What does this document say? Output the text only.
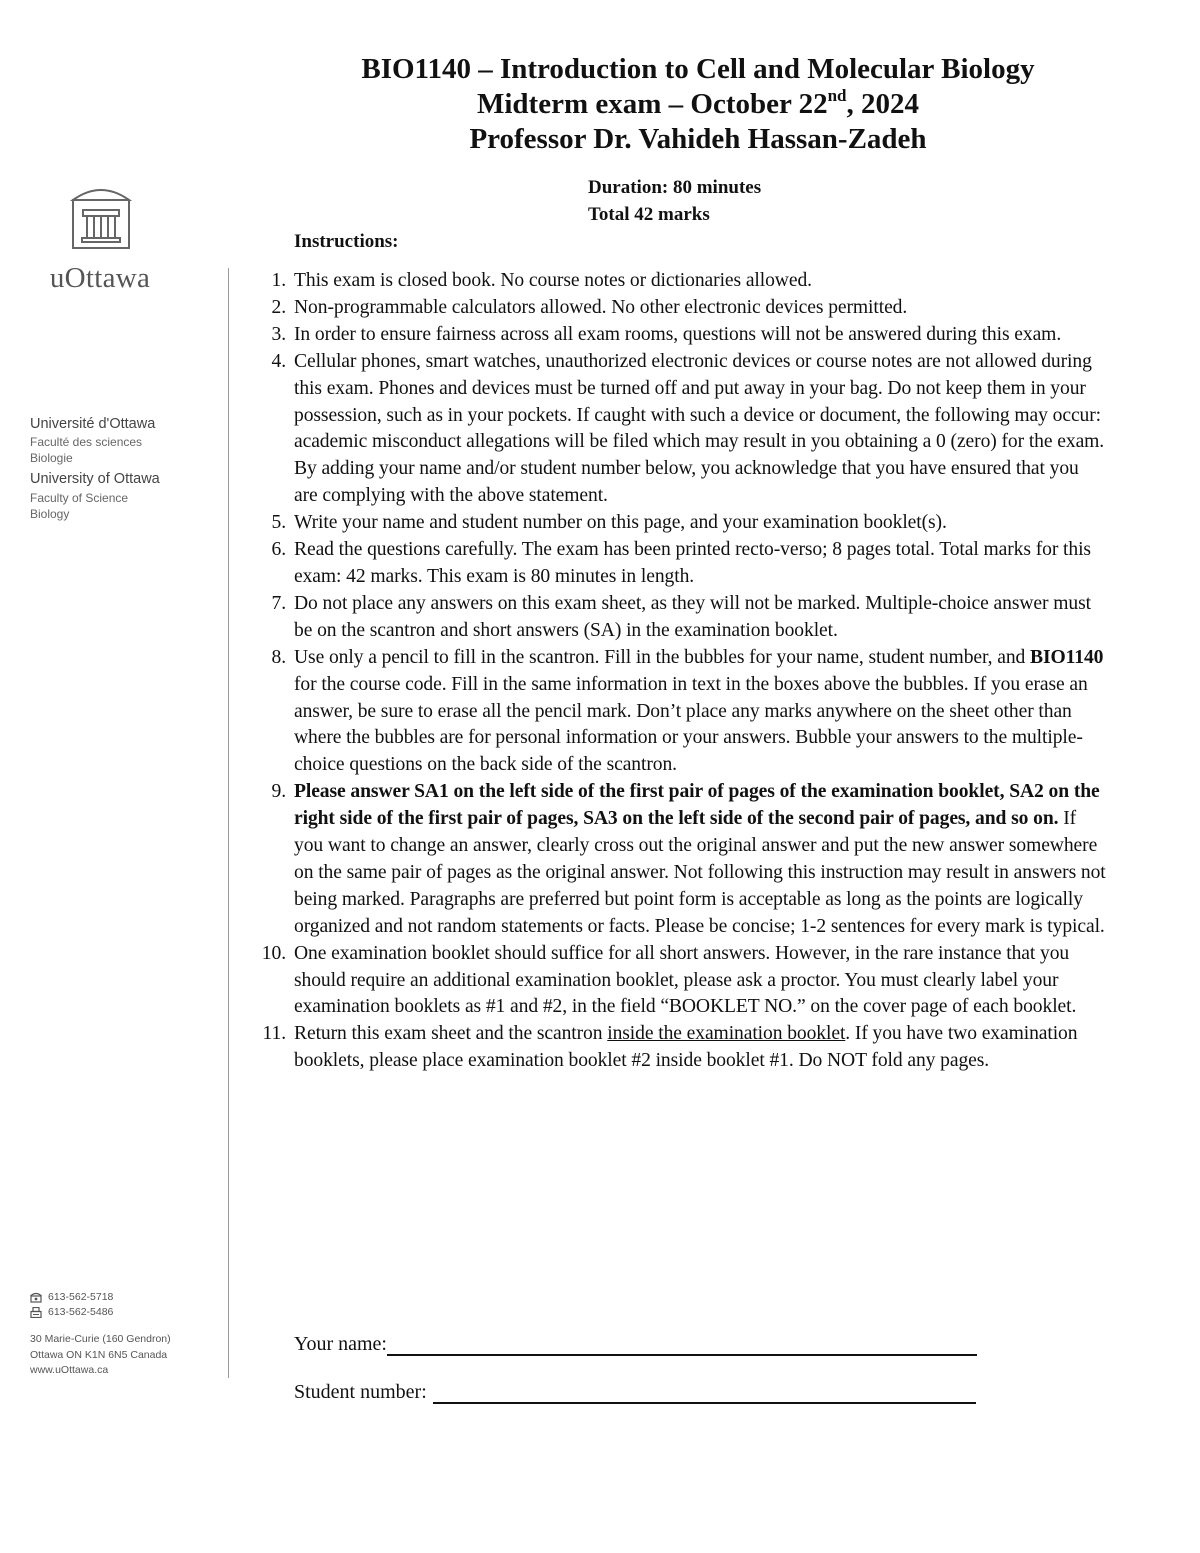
uOttawa
Université d'Ottawa
Faculté des sciences
Biologie
University of Ottawa
Faculty of Science
Biology
613-562-5718
613-562-5486
30 Marie-Curie (160 Gendron)
Ottawa ON K1N 6N5 Canada
www.uOttawa.ca
BIO1140 – Introduction to Cell and Molecular Biology
Midterm exam – October 22nd, 2024
Professor Dr. Vahideh Hassan-Zadeh
Duration: 80 minutes
Total 42 marks
Instructions:
1. This exam is closed book. No course notes or dictionaries allowed.
2. Non-programmable calculators allowed. No other electronic devices permitted.
3. In order to ensure fairness across all exam rooms, questions will not be answered during this exam.
4. Cellular phones, smart watches, unauthorized electronic devices or course notes are not allowed during this exam. Phones and devices must be turned off and put away in your bag. Do not keep them in your possession, such as in your pockets. If caught with such a device or document, the following may occur: academic misconduct allegations will be filed which may result in you obtaining a 0 (zero) for the exam. By adding your name and/or student number below, you acknowledge that you have ensured that you are complying with the above statement.
5. Write your name and student number on this page, and your examination booklet(s).
6. Read the questions carefully. The exam has been printed recto-verso; 8 pages total. Total marks for this exam: 42 marks. This exam is 80 minutes in length.
7. Do not place any answers on this exam sheet, as they will not be marked. Multiple-choice answer must be on the scantron and short answers (SA) in the examination booklet.
8. Use only a pencil to fill in the scantron. Fill in the bubbles for your name, student number, and BIO1140 for the course code. Fill in the same information in text in the boxes above the bubbles. If you erase an answer, be sure to erase all the pencil mark. Don’t place any marks anywhere on the sheet other than where the bubbles are for personal information or your answers. Bubble your answers to the multiple-choice questions on the back side of the scantron.
9. Please answer SA1 on the left side of the first pair of pages of the examination booklet, SA2 on the right side of the first pair of pages, SA3 on the left side of the second pair of pages, and so on. If you want to change an answer, clearly cross out the original answer and put the new answer somewhere on the same pair of pages as the original answer. Not following this instruction may result in answers not being marked. Paragraphs are preferred but point form is acceptable as long as the points are logically organized and not random statements or facts. Please be concise; 1-2 sentences for every mark is typical.
10. One examination booklet should suffice for all short answers. However, in the rare instance that you should require an additional examination booklet, please ask a proctor. You must clearly label your examination booklets as #1 and #2, in the field “BOOKLET NO.” on the cover page of each booklet.
11. Return this exam sheet and the scantron inside the examination booklet. If you have two examination booklets, please place examination booklet #2 inside booklet #1. Do NOT fold any pages.
Your name:
Student number:
